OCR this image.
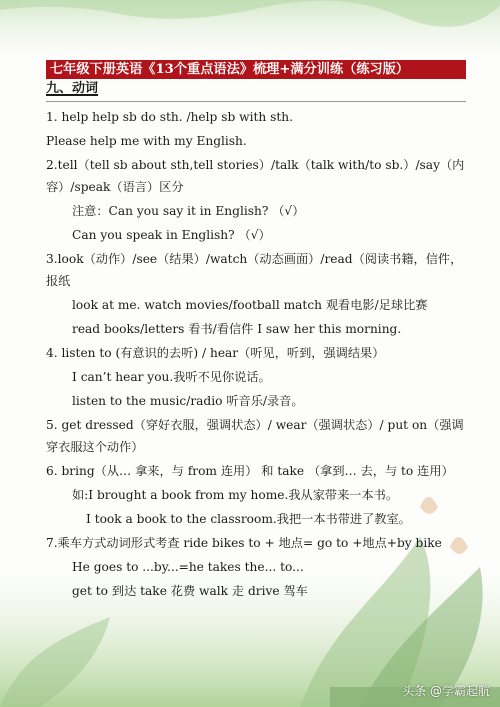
七年级下册英语《13个重点语法》梳理+满分训练（练习版）
九、动词
1. help help sb do sth. /help sb with sth.
Please help me with my English.
2.tell（tell sb about sth,tell stories）/talk（talk with/to sb.）/say（内容）/speak（语言）区分
注意：Can you say it in English? （√）
Can you speak in English? （√）
3.look（动作）/see（结果）/watch（动态画面）/read（阅读书籍，信件，报纸
look at me. watch movies/football match 观看电影/足球比赛
read books/letters 看书/看信件 I saw her this morning.
4. listen to (有意识的去听) / hear（听见，听到，强调结果）
I can’t hear you.我听不见你说话。
listen to the music/radio 听音乐/录音。
5. get dressed（穿好衣服，强调状态）/ wear（强调状态）/ put on（强调穿衣服这个动作）
6. bring（从… 拿来，与 from 连用） 和 take （拿到… 去，与 to 连用）
如:I brought a book from my home.我从家带来一本书。
I took a book to the classroom.我把一本书带进了教室。
7.乘车方式动词形式考查 ride bikes to + 地点= go to +地点+by bike
He goes to ...by...=he takes the... to...
get to 到达 take 花费 walk 走 drive 驾车
头条 @学霸起航
